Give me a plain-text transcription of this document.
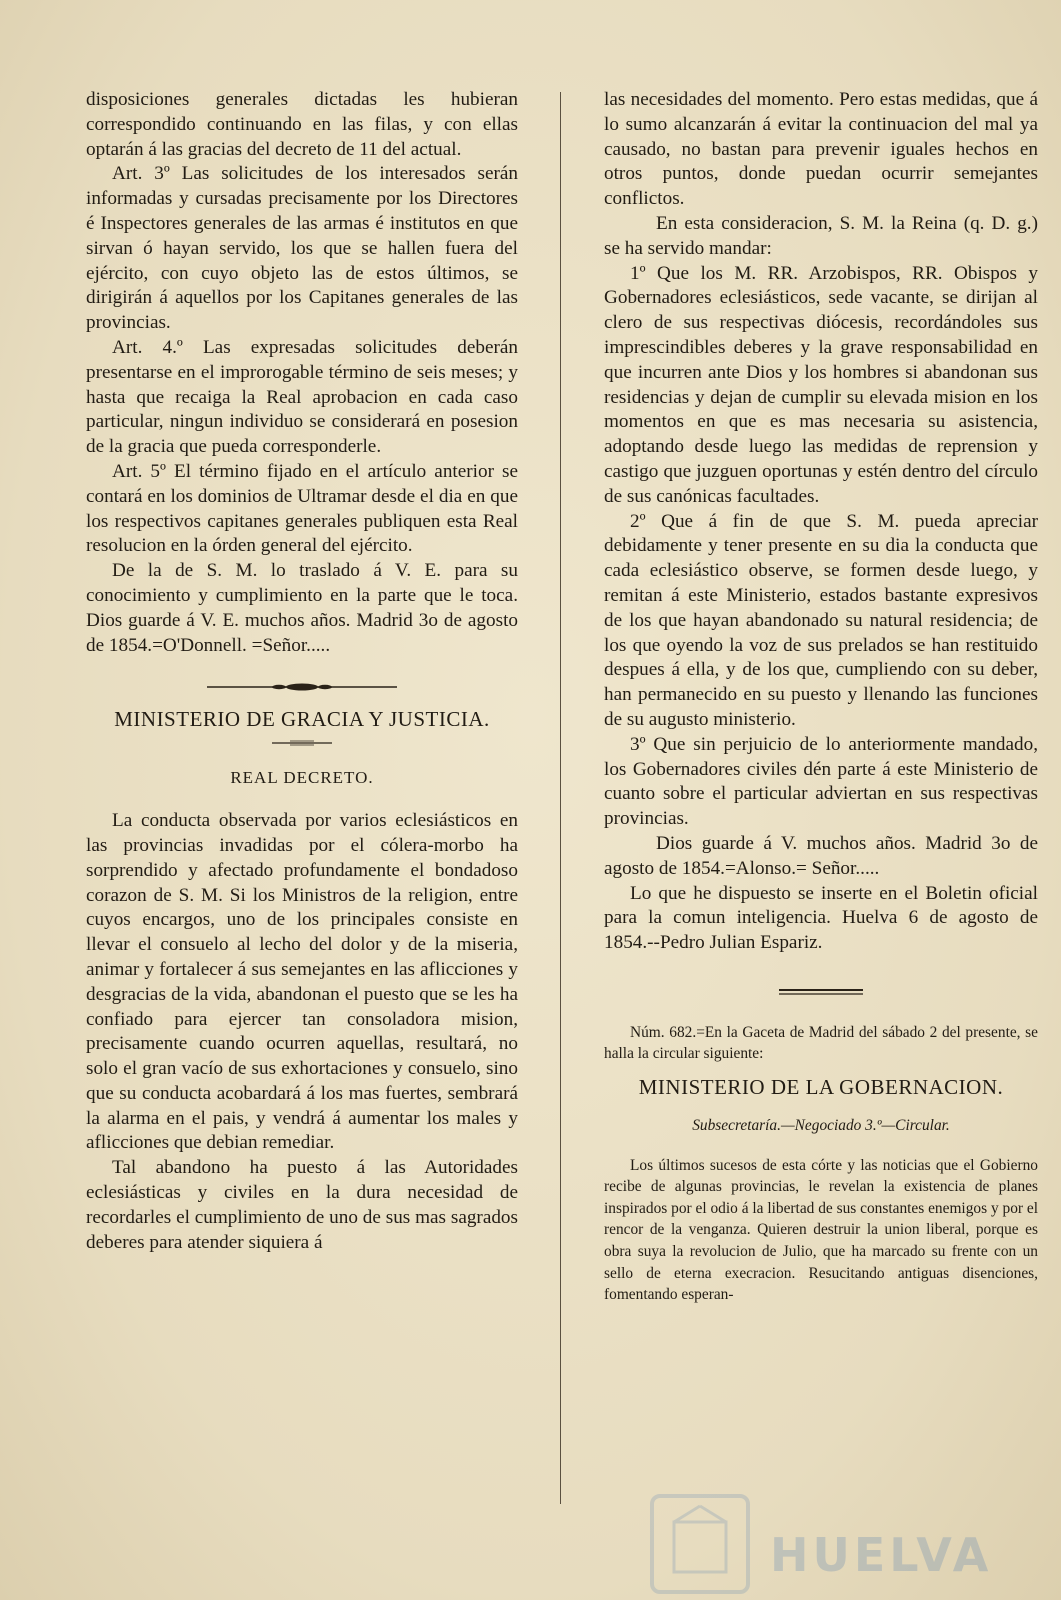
disposiciones generales dictadas les hubieran correspondido continuando en las filas, y con ellas optarán á las gracias del decreto de 11 del actual.

Art. 3º Las solicitudes de los interesados serán informadas y cursadas precisamente por los Directores é Inspectores generales de las armas é institutos en que sirvan ó hayan servido, los que se hallen fuera del ejército, con cuyo objeto las de estos últimos, se dirigirán á aquellos por los Capitanes generales de las provincias.

Art. 4.º Las expresadas solicitudes deberán presentarse en el improrogable término de seis meses; y hasta que recaiga la Real aprobacion en cada caso particular, ningun individuo se considerará en posesion de la gracia que pueda corresponderle.

Art. 5º El término fijado en el artículo anterior se contará en los dominios de Ultramar desde el dia en que los respectivos capitanes generales publiquen esta Real resolucion en la órden general del ejército.

De la de S. M. lo traslado á V. E. para su conocimiento y cumplimiento en la parte que le toca. Dios guarde á V. E. muchos años. Madrid 3o de agosto de 1854.=O'Donnell. =Señor.....

MINISTERIO DE GRACIA Y JUSTICIA.

REAL DECRETO.

La conducta observada por varios eclesiásticos en las provincias invadidas por el cólera-morbo ha sorprendido y afectado profundamente el bondadoso corazon de S. M. Si los Ministros de la religion, entre cuyos encargos, uno de los principales consiste en llevar el consuelo al lecho del dolor y de la miseria, animar y fortalecer á sus semejantes en las aflicciones y desgracias de la vida, abandonan el puesto que se les ha confiado para ejercer tan consoladora mision, precisamente cuando ocurren aquellas, resultará, no solo el gran vacío de sus exhortaciones y consuelo, sino que su conducta acobardará á los mas fuertes, sembrará la alarma en el pais, y vendrá á aumentar los males y aflicciones que debian remediar.

Tal abandono ha puesto á las Autoridades eclesiásticas y civiles en la dura necesidad de recordarles el cumplimiento de uno de sus mas sagrados deberes para atender siquiera á

las necesidades del momento. Pero estas medidas, que á lo sumo alcanzarán á evitar la continuacion del mal ya causado, no bastan para prevenir iguales hechos en otros puntos, donde puedan ocurrir semejantes conflictos.

En esta consideracion, S. M. la Reina (q. D. g.) se ha servido mandar:

1º Que los M. RR. Arzobispos, RR. Obispos y Gobernadores eclesiásticos, sede vacante, se dirijan al clero de sus respectivas diócesis, recordándoles sus imprescindibles deberes y la grave responsabilidad en que incurren ante Dios y los hombres si abandonan sus residencias y dejan de cumplir su elevada mision en los momentos en que es mas necesaria su asistencia, adoptando desde luego las medidas de reprension y castigo que juzguen oportunas y estén dentro del círculo de sus canónicas facultades.

2º Que á fin de que S. M. pueda apreciar debidamente y tener presente en su dia la conducta que cada eclesiástico observe, se formen desde luego, y remitan á este Ministerio, estados bastante expresivos de los que hayan abandonado su natural residencia; de los que oyendo la voz de sus prelados se han restituido despues á ella, y de los que, cumpliendo con su deber, han permanecido en su puesto y llenando las funciones de su augusto ministerio.

3º Que sin perjuicio de lo anteriormente mandado, los Gobernadores civiles dén parte á este Ministerio de cuanto sobre el particular adviertan en sus respectivas provincias.

Dios guarde á V. muchos años. Madrid 3o de agosto de 1854.=Alonso.= Señor.....

Lo que he dispuesto se inserte en el Boletin oficial para la comun inteligencia. Huelva 6 de agosto de 1854.--Pedro Julian Espariz.

Núm. 682.=En la Gaceta de Madrid del sábado 2 del presente, se halla la circular siguiente:

MINISTERIO DE LA GOBERNACION.

Subsecretaría.—Negociado 3.º—Circular.

Los últimos sucesos de esta córte y las noticias que el Gobierno recibe de algunas provincias, le revelan la existencia de planes inspirados por el odio á la libertad de sus constantes enemigos y por el rencor de la venganza. Quieren destruir la union liberal, porque es obra suya la revolucion de Julio, que ha marcado su frente con un sello de eterna execracion. Resucitando antiguas disenciones, fomentando esperan-

HUELVA
